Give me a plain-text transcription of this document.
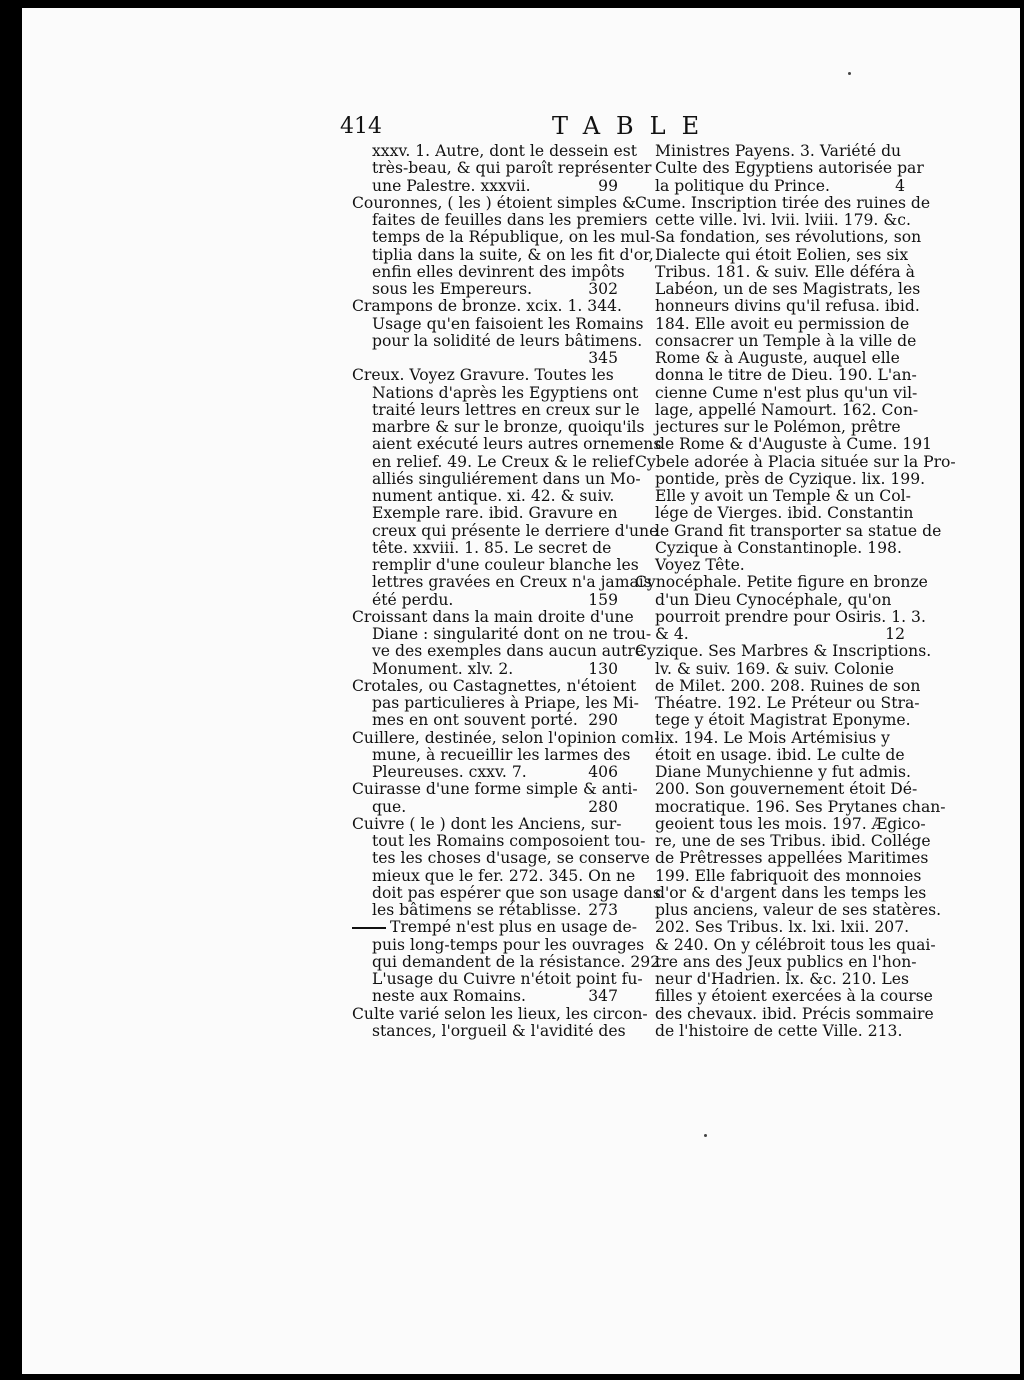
414	TABLE
xxxv. 1. Autre, dont le dessein est
très-beau, & qui paroît représenter
une Palestre. xxxvii.	99
Couronnes, ( les ) étoient simples &
faites de feuilles dans les premiers
temps de la République, on les mul-
tiplia dans la suite, & on les fit d'or,
enfin elles devinrent des impôts
sous les Empereurs.	302
Crampons de bronze. xcix. 1. 344.
Usage qu'en faisoient les Romains
pour la solidité de leurs bâtimens.
345
Creux. Voyez Gravure. Toutes les
Nations d'après les Egyptiens ont
traité leurs lettres en creux sur le
marbre & sur le bronze, quoiqu'ils
aient exécuté leurs autres ornemens
en relief. 49. Le Creux & le relief
alliés singuliérement dans un Mo-
nument antique. xi. 42. & suiv.
Exemple rare. ibid. Gravure en
creux qui présente le derriere d'une
tête. xxviii. 1. 85. Le secret de
remplir d'une couleur blanche les
lettres gravées en Creux n'a jamais
été perdu.	159
Croissant dans la main droite d'une
Diane : singularité dont on ne trou-
ve des exemples dans aucun autre
Monument. xlv. 2.	130
Crotales, ou Castagnettes, n'étoient
pas particulieres à Priape, les Mi-
mes en ont souvent porté. 290
Cuillere, destinée, selon l'opinion com-
mune, à recueillir les larmes des
Pleureuses. cxxv. 7.	406
Cuirasse d'une forme simple & anti-
que.	280
Cuivre ( le ) dont les Anciens, sur-
tout les Romains composoient tou-
tes les choses d'usage, se conserve
mieux que le fer. 272. 345. On ne
doit pas espérer que son usage dans
les bâtimens se rétablisse. 273
Trempé n'est plus en usage de-
puis long-temps pour les ouvrages
qui demandent de la résistance. 292
L'usage du Cuivre n'étoit point fu-
neste aux Romains.	347
Culte varié selon les lieux, les circon-
stances, l'orgueil & l'avidité des
Ministres Payens. 3. Variété du
Culte des Egyptiens autorisée par
la politique du Prince.	4
Cume. Inscription tirée des ruines de
cette ville. lvi. lvii. lviii. 179. &c.
Sa fondation, ses révolutions, son
Dialecte qui étoit Eolien, ses six
Tribus. 181. & suiv. Elle déféra à
Labéon, un de ses Magistrats, les
honneurs divins qu'il refusa. ibid.
184. Elle avoit eu permission de
consacrer un Temple à la ville de
Rome & à Auguste, auquel elle
donna le titre de Dieu. 190. L'an-
cienne Cume n'est plus qu'un vil-
lage, appellé Namourt. 162. Con-
jectures sur le Polémon, prêtre
de Rome & d'Auguste à Cume. 191
Cybele adorée à Placia située sur la Pro-
pontide, près de Cyzique. lix. 199.
Elle y avoit un Temple & un Col-
lége de Vierges. ibid. Constantin
le Grand fit transporter sa statue de
Cyzique à Constantinople. 198.
Voyez Tête.
Cynocéphale. Petite figure en bronze
d'un Dieu Cynocéphale, qu'on
pourroit prendre pour Osiris. 1. 3.
& 4.	12
Cyzique. Ses Marbres & Inscriptions.
lv. & suiv. 169. & suiv. Colonie
de Milet. 200. 208. Ruines de son
Théatre. 192. Le Préteur ou Stra-
tege y étoit Magistrat Eponyme.
lix. 194. Le Mois Artémisius y
étoit en usage. ibid. Le culte de
Diane Munychienne y fut admis.
200. Son gouvernement étoit Dé-
mocratique. 196. Ses Prytanes chan-
geoient tous les mois. 197. Ægico-
re, une de ses Tribus. ibid. Collége
de Prêtresses appellées Maritimes
199. Elle fabriquoit des monnoies
d'or & d'argent dans les temps les
plus anciens, valeur de ses statères.
202. Ses Tribus. lx. lxi. lxii. 207.
& 240. On y célébroit tous les quai-
tre ans des Jeux publics en l'hon-
neur d'Hadrien. lx. &c. 210. Les
filles y étoient exercées à la course
des chevaux. ibid. Précis sommaire
de l'histoire de cette Ville. 213.
